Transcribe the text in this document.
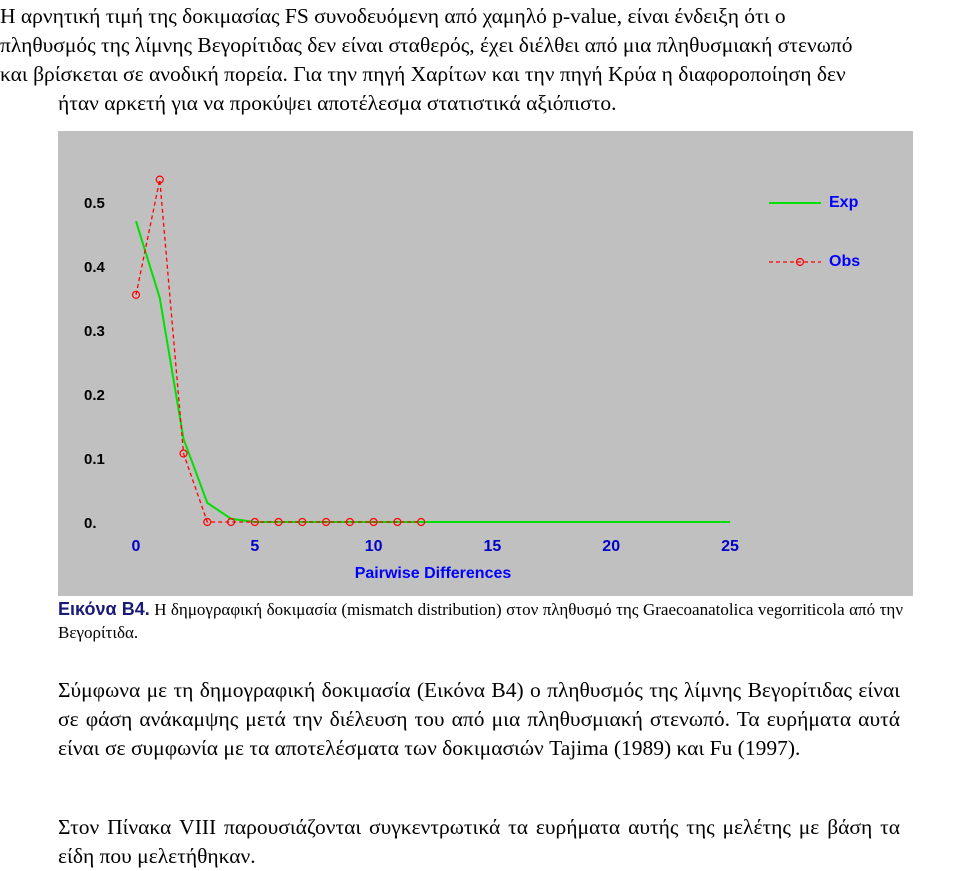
Η αρνητική τιμή της δοκιμασίας FS συνοδευόμενη από χαμηλό p-value, είναι ένδειξη ότι ο
πληθυσμός της λίμνης Βεγορίτιδας δεν είναι σταθερός, έχει διέλθει από μια πληθυσμιακή στενωπό
και βρίσκεται σε ανοδική πορεία. Για την πηγή Χαρίτων και την πηγή Κρύα η διαφοροποίηση δεν
ήταν αρκετή για να προκύψει αποτέλεσμα στατιστικά αξιόπιστο.
0.
0.1
0.2
0.3
0.4
0.5
0	5	10	15	20	25
Pairwise Differences
Exp
Obs

Εικόνα Β4. Η δημογραφική δοκιμασία (mismatch distribution) στον πληθυσμό της Graecoanatolica vegorriticola από την Βεγορίτιδα.

Σύμφωνα με τη δημογραφική δοκιμασία (Εικόνα Β4) ο πληθυσμός της λίμνης Βεγορίτιδας είναι σε φάση ανάκαμψης μετά την διέλευση του από μια πληθυσμιακή στενωπό. Τα ευρήματα αυτά είναι σε συμφωνία με τα αποτελέσματα των δοκιμασιών Tajima (1989) και Fu (1997).

Στον Πίνακα VIII παρουσιάζονται συγκεντρωτικά τα ευρήματα αυτής της μελέτης με βάση τα είδη που μελετήθηκαν.
